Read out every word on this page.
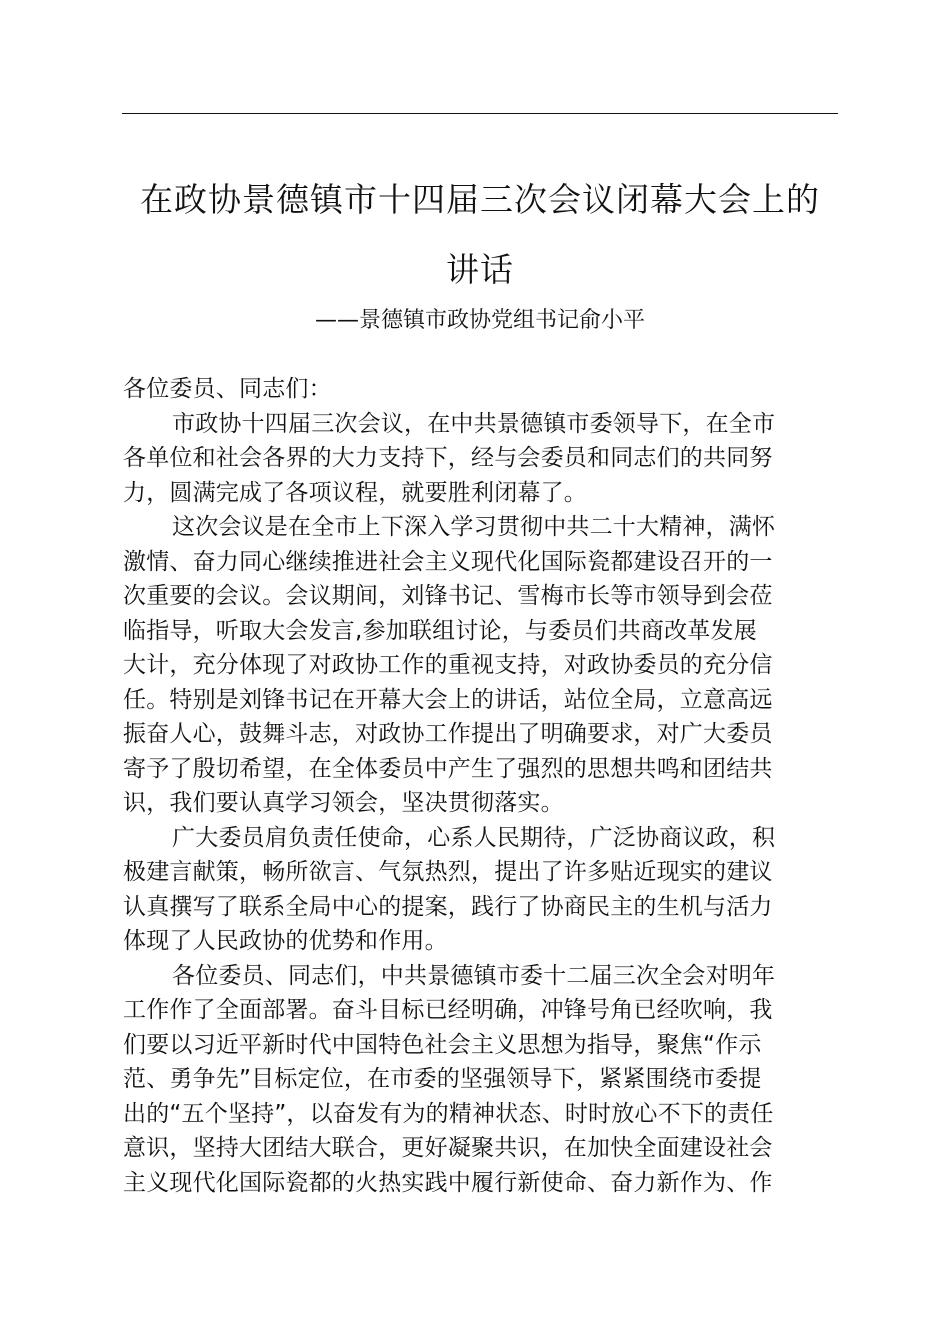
在政协景德镇市十四届三次会议闭幕大会上的
讲话
——景德镇市政协党组书记俞小平
各位委员、同志们：
市政协十四届三次会议，在中共景德镇市委领导下，在全市
各单位和社会各界的大力支持下，经与会委员和同志们的共同努
力，圆满完成了各项议程，就要胜利闭幕了。
这次会议是在全市上下深入学习贯彻中共二十大精神，满怀
激情、奋力同心继续推进社会主义现代化国际瓷都建设召开的一
次重要的会议。会议期间，刘锋书记、雪梅市长等市领导到会莅
临指导，听取大会发言,参加联组讨论，与委员们共商改革发展
大计，充分体现了对政协工作的重视支持，对政协委员的充分信
任。特别是刘锋书记在开幕大会上的讲话，站位全局，立意高远
振奋人心，鼓舞斗志，对政协工作提出了明确要求，对广大委员
寄予了殷切希望，在全体委员中产生了强烈的思想共鸣和团结共
识，我们要认真学习领会，坚决贯彻落实。
广大委员肩负责任使命，心系人民期待，广泛协商议政，积
极建言献策，畅所欲言、气氛热烈，提出了许多贴近现实的建议
认真撰写了联系全局中心的提案，践行了协商民主的生机与活力
体现了人民政协的优势和作用。
各位委员、同志们，中共景德镇市委十二届三次全会对明年
工作作了全面部署。奋斗目标已经明确，冲锋号角已经吹响，我
们要以习近平新时代中国特色社会主义思想为指导，聚焦“作示
范、勇争先”目标定位，在市委的坚强领导下，紧紧围绕市委提
出的“五个坚持”，以奋发有为的精神状态、时时放心不下的责任
意识，坚持大团结大联合，更好凝聚共识，在加快全面建设社会
主义现代化国际瓷都的火热实践中履行新使命、奋力新作为、作
